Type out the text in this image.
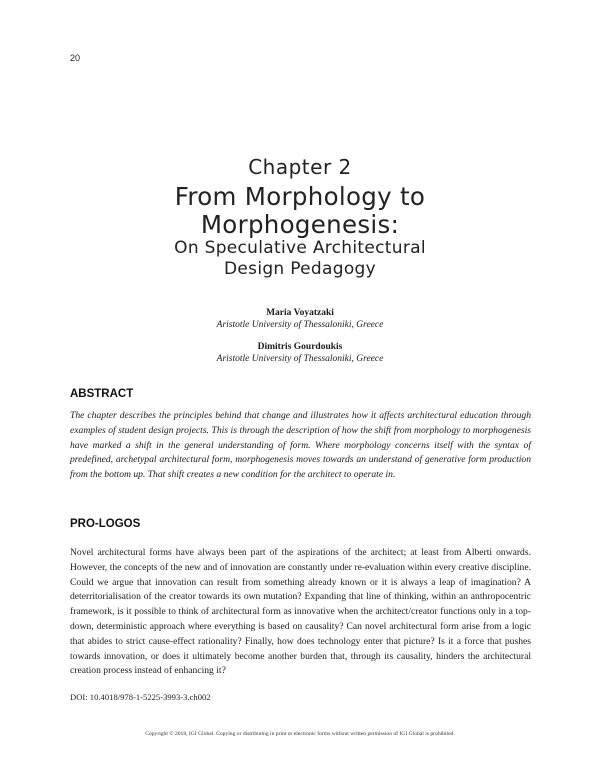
20
Chapter 2
From Morphology to
Morphogenesis:
On Speculative Architectural
Design Pedagogy
Maria Voyatzaki
Aristotle University of Thessaloniki, Greece
Dimitris Gourdoukis
Aristotle University of Thessaloniki, Greece
ABSTRACT
The chapter describes the principles behind that change and illustrates how it affects architectural education through examples of student design projects. This is through the description of how the shift from morphology to morphogenesis have marked a shift in the general understanding of form. Where morphology concerns itself with the syntax of predefined, archetypal architectural form, morphogenesis moves towards an understand of generative form production from the bottom up. That shift creates a new condition for the architect to operate in.
PRO-LOGOS
Novel architectural forms have always been part of the aspirations of the architect; at least from Alberti onwards. However, the concepts of the new and of innovation are constantly under re-evaluation within every creative discipline. Could we argue that innovation can result from something already known or it is always a leap of imagination? A deterritorialisation of the creator towards its own mutation? Expanding that line of thinking, within an anthropocentric framework, is it possible to think of architectural form as innovative when the architect/creator functions only in a top-down, deterministic approach where everything is based on causality? Can novel architectural form arise from a logic that abides to strict cause-effect rationality? Finally, how does technology enter that picture? Is it a force that pushes towards innovation, or does it ultimately become another burden that, through its causality, hinders the architectural creation process instead of enhancing it?
DOI: 10.4018/978-1-5225-3993-3.ch002
Copyright © 2018, IGI Global. Copying or distributing in print or electronic forms without written permission of IGI Global is prohibited.
